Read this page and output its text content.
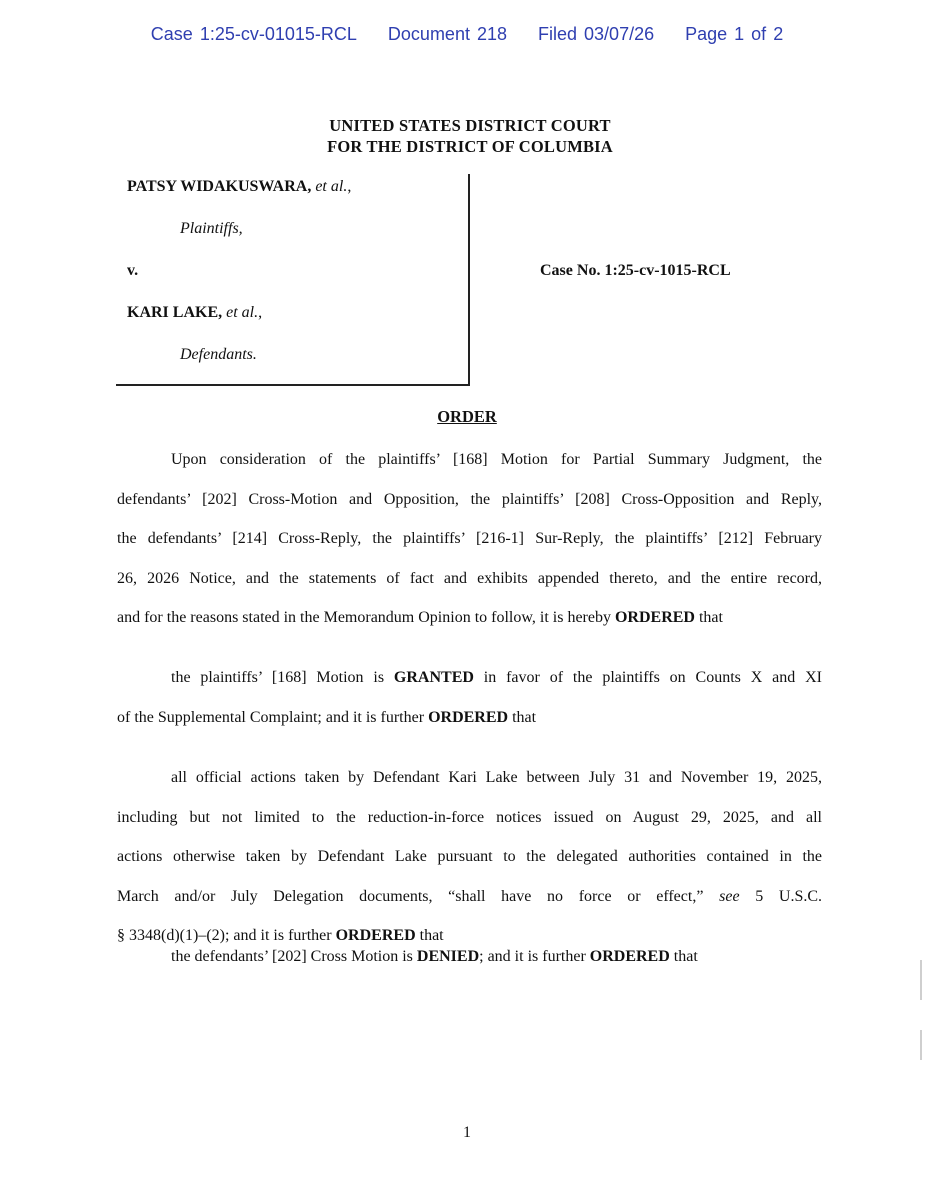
Case 1:25-cv-01015-RCL Document 218 Filed 03/07/26 Page 1 of 2
UNITED STATES DISTRICT COURT
FOR THE DISTRICT OF COLUMBIA
PATSY WIDAKUSWARA, et al.,
Plaintiffs,
v.
KARI LAKE, et al.,
Defendants.
Case No. 1:25-cv-1015-RCL
ORDER
Upon consideration of the plaintiffs’ [168] Motion for Partial Summary Judgment, the
defendants’ [202] Cross-Motion and Opposition, the plaintiffs’ [208] Cross-Opposition and Reply,
the defendants’ [214] Cross-Reply, the plaintiffs’ [216-1] Sur-Reply, the plaintiffs’ [212] February
26, 2026 Notice, and the statements of fact and exhibits appended thereto, and the entire record,
and for the reasons stated in the Memorandum Opinion to follow, it is hereby ORDERED that
the plaintiffs’ [168] Motion is GRANTED in favor of the plaintiffs on Counts X and XI
of the Supplemental Complaint; and it is further ORDERED that
all official actions taken by Defendant Kari Lake between July 31 and November 19, 2025,
including but not limited to the reduction-in-force notices issued on August 29, 2025, and all
actions otherwise taken by Defendant Lake pursuant to the delegated authorities contained in the
March and/or July Delegation documents, “shall have no force or effect,” see 5 U.S.C.
§ 3348(d)(1)–(2); and it is further ORDERED that
the defendants’ [202] Cross Motion is DENIED; and it is further ORDERED that
1
